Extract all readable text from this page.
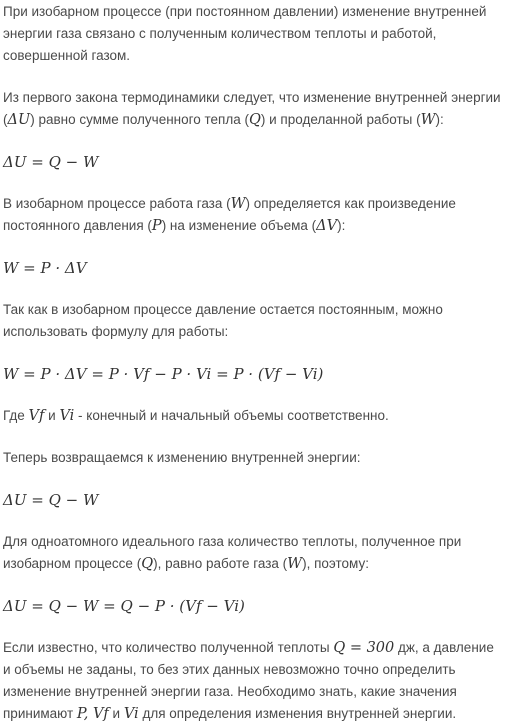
При изобарном процессе (при постоянном давлении) изменение внутренней энергии газа связано с полученным количеством теплоты и работой, совершенной газом.

Из первого закона термодинамики следует, что изменение внутренней энергии (ΔU) равно сумме полученного тепла (Q) и проделанной работы (W):

ΔU = Q − W

В изобарном процессе работа газа (W) определяется как произведение постоянного давления (P) на изменение объема (ΔV):

W = P · ΔV

Так как в изобарном процессе давление остается постоянным, можно использовать формулу для работы:

W = P · ΔV = P · Vf − P · Vi = P · (Vf − Vi)

Где Vf и Vi - конечный и начальный объемы соответственно.

Теперь возвращаемся к изменению внутренней энергии:

ΔU = Q − W

Для одноатомного идеального газа количество теплоты, полученное при изобарном процессе (Q), равно работе газа (W), поэтому:

ΔU = Q − W = Q − P · (Vf − Vi)

Если известно, что количество полученной теплоты Q = 300 дж, а давление и объемы не заданы, то без этих данных невозможно точно определить изменение внутренней энергии газа. Необходимо знать, какие значения принимают P, Vf и Vi для определения изменения внутренней энергии.
